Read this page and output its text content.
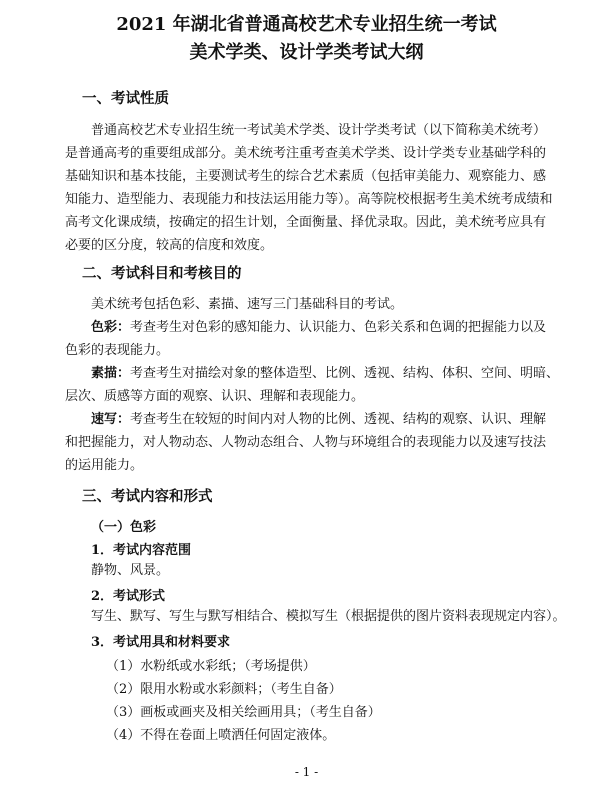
2021 年湖北省普通高校艺术专业招生统一考试
美术学类、设计学类考试大纲
一、考试性质
普通高校艺术专业招生统一考试美术学类、设计学类考试（以下简称美术统考）
是普通高考的重要组成部分。美术统考注重考查美术学类、设计学类专业基础学科的
基础知识和基本技能，主要测试考生的综合艺术素质（包括审美能力、观察能力、感
知能力、造型能力、表现能力和技法运用能力等）。高等院校根据考生美术统考成绩和
高考文化课成绩，按确定的招生计划，全面衡量、择优录取。因此，美术统考应具有
必要的区分度，较高的信度和效度。
二、考试科目和考核目的
美术统考包括色彩、素描、速写三门基础科目的考试。
色彩：考查考生对色彩的感知能力、认识能力、色彩关系和色调的把握能力以及
色彩的表现能力。
素描：考查考生对描绘对象的整体造型、比例、透视、结构、体积、空间、明暗、
层次、质感等方面的观察、认识、理解和表现能力。
速写：考查考生在较短的时间内对人物的比例、透视、结构的观察、认识、理解
和把握能力，对人物动态、人物动态组合、人物与环境组合的表现能力以及速写技法
的运用能力。
三、考试内容和形式
（一）色彩
1．考试内容范围
静物、风景。
2．考试形式
写生、默写、写生与默写相结合、模拟写生（根据提供的图片资料表现规定内容）。
3．考试用具和材料要求
（1）水粉纸或水彩纸；（考场提供）
（2）限用水粉或水彩颜料；（考生自备）
（3）画板或画夹及相关绘画用具；（考生自备）
（4）不得在卷面上喷洒任何固定液体。
- 1 -
